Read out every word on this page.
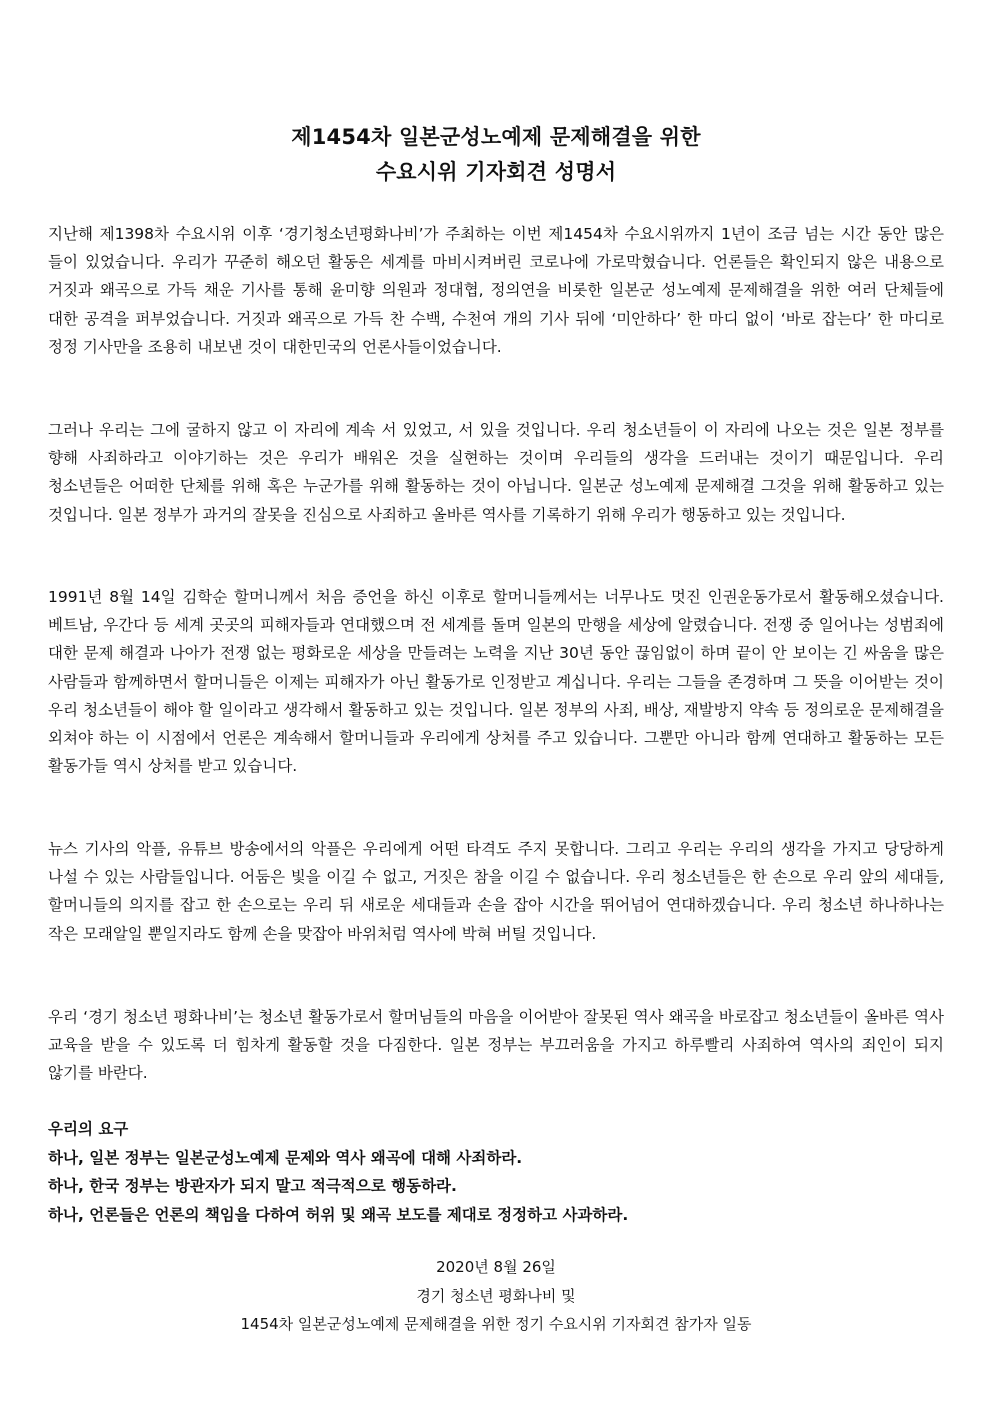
제1454차 일본군성노예제 문제해결을 위한
수요시위 기자회견 성명서

지난해 제1398차 수요시위 이후 ‘경기청소년평화나비’가 주최하는 이번 제1454차 수요시위까지 1년이 조금 넘는 시간 동안 많은 들이 있었습니다. 우리가 꾸준히 해오던 활동은 세계를 마비시켜버린 코로나에 가로막혔습니다. 언론들은 확인되지 않은 내용으로 거짓과 왜곡으로 가득 채운 기사를 통해 윤미향 의원과 정대협, 정의연을 비롯한 일본군 성노예제 문제해결을 위한 여러 단체들에 대한 공격을 퍼부었습니다. 거짓과 왜곡으로 가득 찬 수백, 수천여 개의 기사 뒤에 ‘미안하다’ 한 마디 없이 ‘바로 잡는다’ 한 마디로 정정 기사만을 조용히 내보낸 것이 대한민국의 언론사들이었습니다.

그러나 우리는 그에 굴하지 않고 이 자리에 계속 서 있었고, 서 있을 것입니다. 우리 청소년들이 이 자리에 나오는 것은 일본 정부를 향해 사죄하라고 이야기하는 것은 우리가 배워온 것을 실현하는 것이며 우리들의 생각을 드러내는 것이기 때문입니다. 우리 청소년들은 어떠한 단체를 위해 혹은 누군가를 위해 활동하는 것이 아닙니다. 일본군 성노예제 문제해결 그것을 위해 활동하고 있는 것입니다. 일본 정부가 과거의 잘못을 진심으로 사죄하고 올바른 역사를 기록하기 위해 우리가 행동하고 있는 것입니다.

1991년 8월 14일 김학순 할머니께서 처음 증언을 하신 이후로 할머니들께서는 너무나도 멋진 인권운동가로서 활동해오셨습니다. 베트남, 우간다 등 세계 곳곳의 피해자들과 연대했으며 전 세계를 돌며 일본의 만행을 세상에 알렸습니다. 전쟁 중 일어나는 성범죄에 대한 문제 해결과 나아가 전쟁 없는 평화로운 세상을 만들려는 노력을 지난 30년 동안 끊임없이 하며 끝이 안 보이는 긴 싸움을 많은 사람들과 함께하면서 할머니들은 이제는 피해자가 아닌 활동가로 인정받고 계십니다. 우리는 그들을 존경하며 그 뜻을 이어받는 것이 우리 청소년들이 해야 할 일이라고 생각해서 활동하고 있는 것입니다. 일본 정부의 사죄, 배상, 재발방지 약속 등 정의로운 문제해결을 외쳐야 하는 이 시점에서 언론은 계속해서 할머니들과 우리에게 상처를 주고 있습니다. 그뿐만 아니라 함께 연대하고 활동하는 모든 활동가들 역시 상처를 받고 있습니다.

뉴스 기사의 악플, 유튜브 방송에서의 악플은 우리에게 어떤 타격도 주지 못합니다. 그리고 우리는 우리의 생각을 가지고 당당하게 나설 수 있는 사람들입니다. 어둠은 빛을 이길 수 없고, 거짓은 참을 이길 수 없습니다. 우리 청소년들은 한 손으로 우리 앞의 세대들, 할머니들의 의지를 잡고 한 손으로는 우리 뒤 새로운 세대들과 손을 잡아 시간을 뛰어넘어 연대하겠습니다. 우리 청소년 하나하나는 작은 모래알일 뿐일지라도 함께 손을 맞잡아 바위처럼 역사에 박혀 버틸 것입니다.

우리 ‘경기 청소년 평화나비’는 청소년 활동가로서 할머님들의 마음을 이어받아 잘못된 역사 왜곡을 바로잡고 청소년들이 올바른 역사 교육을 받을 수 있도록 더 힘차게 활동할 것을 다짐한다. 일본 정부는 부끄러움을 가지고 하루빨리 사죄하여 역사의 죄인이 되지 않기를 바란다.

우리의 요구
하나, 일본 정부는 일본군성노예제 문제와 역사 왜곡에 대해 사죄하라.
하나, 한국 정부는 방관자가 되지 말고 적극적으로 행동하라.
하나, 언론들은 언론의 책임을 다하여 허위 및 왜곡 보도를 제대로 정정하고 사과하라.
2020년 8월 26일
경기 청소년 평화나비 및
1454차 일본군성노예제 문제해결을 위한 정기 수요시위 기자회견 참가자 일동
